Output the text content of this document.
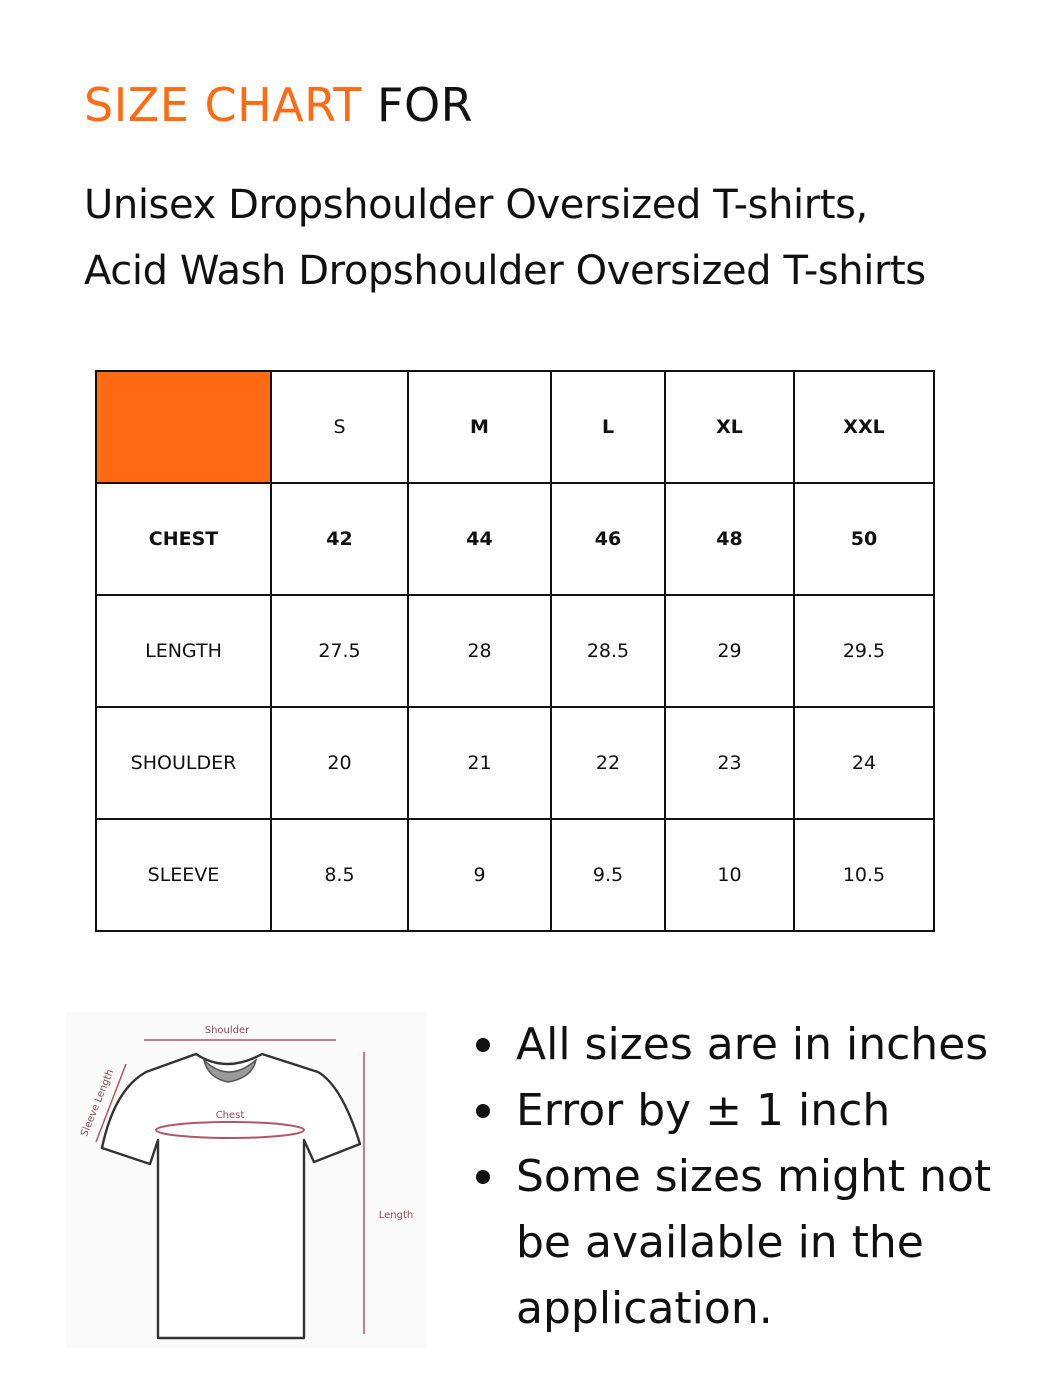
SIZE CHART FOR
Unisex Dropshoulder Oversized T-shirts,
Acid Wash Dropshoulder Oversized T-shirts
	S	M	L	XL	XXL
CHEST	42	44	46	48	50
LENGTH	27.5	28	28.5	29	29.5
SHOULDER	20	21	22	23	24
SLEEVE	8.5	9	9.5	10	10.5
Shoulder
Chest
Sleeve Length
Length
All sizes are in inches
Error by ± 1 inch
Some sizes might not be available in the application.
